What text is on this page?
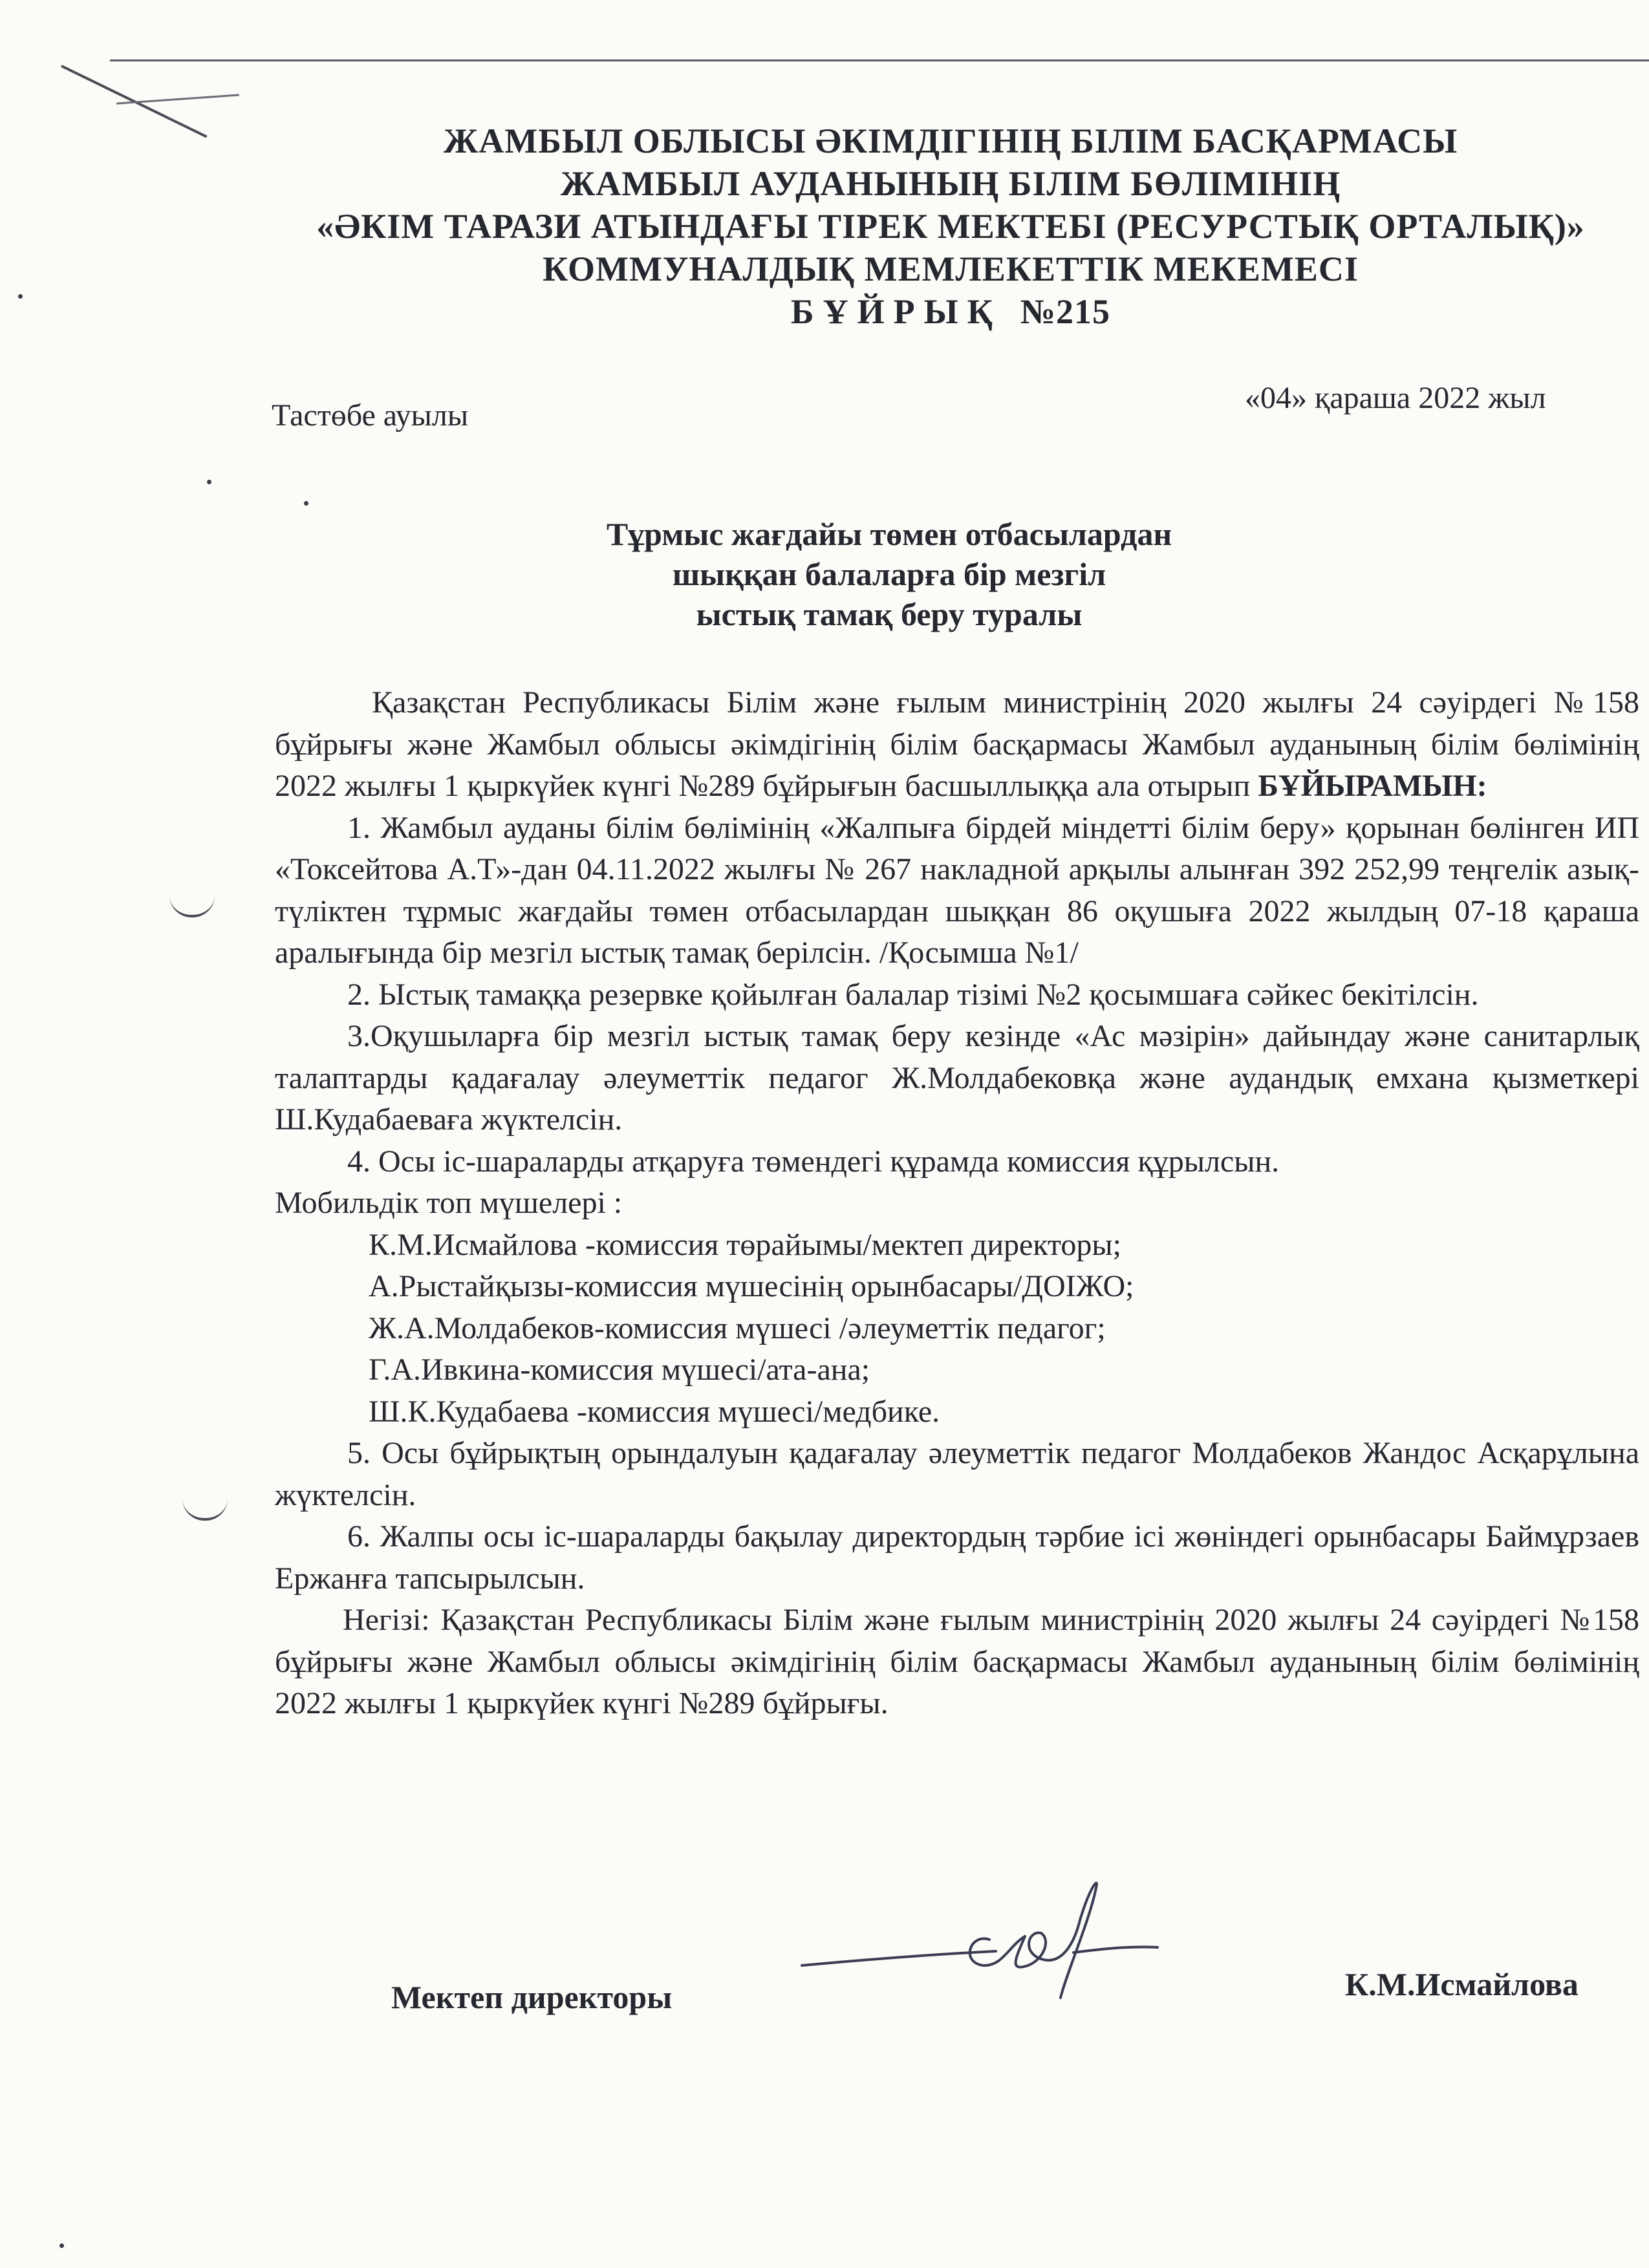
ЖАМБЫЛ ОБЛЫСЫ ӘКІМДІГІНІҢ БІЛІМ БАСҚАРМАСЫ
ЖАМБЫЛ АУДАНЫНЫҢ БІЛІМ БӨЛІМІНІҢ
«ӘКІМ ТАРАЗИ АТЫНДАҒЫ ТІРЕК МЕКТЕБІ (РЕСУРСТЫҚ ОРТАЛЫҚ)»
КОММУНАЛДЫҚ МЕМЛЕКЕТТІК МЕКЕМЕСІ
БҰЙРЫҚ №215
Тастөбе ауылы
«04» қараша 2022 жыл
Тұрмыс жағдайы төмен отбасылардан
шыққан балаларға бір мезгіл
ыстық тамақ беру туралы

Қазақстан Республикасы Білім және ғылым министрінің 2020 жылғы 24 сәуірдегі №158 бұйрығы және Жамбыл облысы әкімдігінің білім басқармасы Жамбыл ауданының білім бөлімінің 2022 жылғы 1 қыркүйек күнгі №289 бұйрығын басшыллыққа ала отырып БҰЙЫРАМЫН:

1. Жамбыл ауданы білім бөлімінің «Жалпыға бірдей міндетті білім беру» қорынан бөлінген ИП «Токсейтова А.Т»-дан 04.11.2022 жылғы № 267 накладной арқылы алынған 392 252,99 теңгелік азық-түліктен тұрмыс жағдайы төмен отбасылардан шыққан 86 оқушыға 2022 жылдың 07-18 қараша аралығында бір мезгіл ыстық тамақ берілсін. /Қосымша №1/

2. Ыстық тамаққа резервке қойылған балалар тізімі №2 қосымшаға сәйкес бекітілсін.

3.Оқушыларға бір мезгіл ыстық тамақ беру кезінде «Ас мәзірін» дайындау және санитарлық талаптарды қадағалау әлеуметтік педагог Ж.Молдабековқа және аудандық емхана қызметкері Ш.Кудабаеваға жүктелсін.

4. Осы іс-шараларды атқаруға төмендегі құрамда комиссия құрылсын.

Мобильдік топ мүшелері :

К.М.Исмайлова -комиссия төрайымы/мектеп директоры;

А.Рыстайқызы-комиссия мүшесінің орынбасары/ДОІЖО;

Ж.А.Молдабеков-комиссия мүшесі /әлеуметтік педагог;

Г.А.Ивкина-комиссия мүшесі/ата-ана;

Ш.К.Кудабаева -комиссия мүшесі/медбике.

5. Осы бұйрықтың орындалуын қадағалау әлеуметтік педагог Молдабеков Жандос Асқарұлына жүктелсін.

6. Жалпы осы іс-шараларды бақылау директордың тәрбие ісі жөніндегі орынбасары Баймұрзаев Ержанға тапсырылсын.

Негізі: Қазақстан Республикасы Білім және ғылым министрінің 2020 жылғы 24 сәуірдегі №158 бұйрығы және Жамбыл облысы әкімдігінің білім басқармасы Жамбыл ауданының білім бөлімінің 2022 жылғы 1 қыркүйек күнгі №289 бұйрығы.

Мектеп директоры	К.М.Исмайлова
